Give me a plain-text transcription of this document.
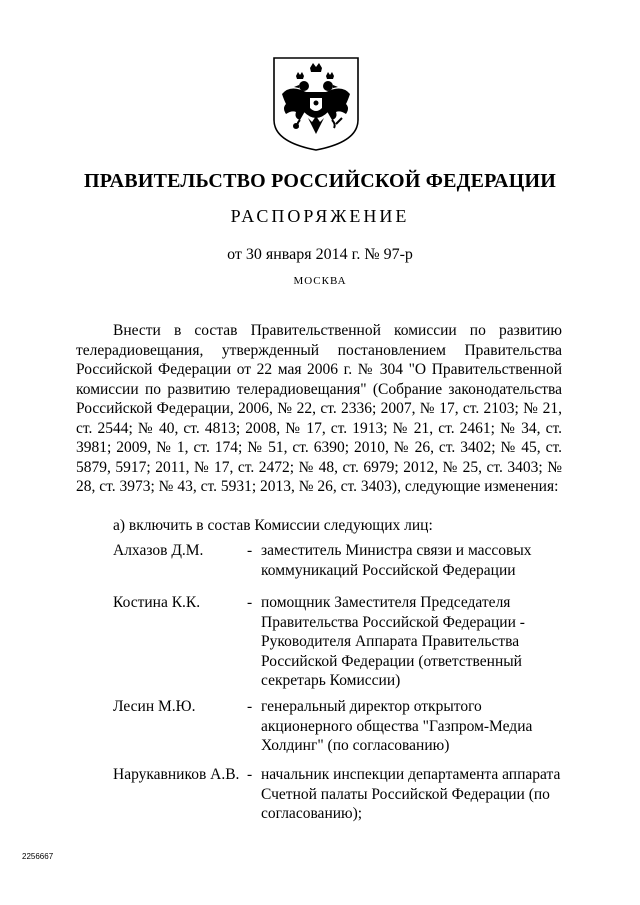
ПРАВИТЕЛЬСТВО РОССИЙСКОЙ ФЕДЕРАЦИИ
РАСПОРЯЖЕНИЕ
от 30 января 2014 г. № 97-р
МОСКВА
Внести в состав Правительственной комиссии по развитию телерадиовещания, утвержденный постановлением Правительства Российской Федерации от 22 мая 2006 г. № 304 "О Правительственной комиссии по развитию телерадиовещания" (Собрание законодательства Российской Федерации, 2006, № 22, ст. 2336; 2007, № 17, ст. 2103; № 21, ст. 2544; № 40, ст. 4813; 2008, № 17, ст. 1913; № 21, ст. 2461; № 34, ст. 3981; 2009, № 1, ст. 174; № 51, ст. 6390; 2010, № 26, ст. 3402; № 45, ст. 5879, 5917; 2011, № 17, ст. 2472; № 48, ст. 6979; 2012, № 25, ст. 3403; № 28, ст. 3973; № 43, ст. 5931; 2013, № 26, ст. 3403), следующие изменения:
а) включить в состав Комиссии следующих лиц:
Алхазов Д.М.	- заместитель Министра связи и массовых коммуникаций Российской Федерации
Костина К.К.	- помощник Заместителя Председателя Правительства Российской Федерации - Руководителя Аппарата Правительства Российской Федерации (ответственный секретарь Комиссии)
Лесин М.Ю.	- генеральный директор открытого акционерного общества "Газпром-Медиа Холдинг" (по согласованию)
Нарукавников А.В. - начальник инспекции департамента аппарата Счетной палаты Российской Федерации (по согласованию);
2256667
